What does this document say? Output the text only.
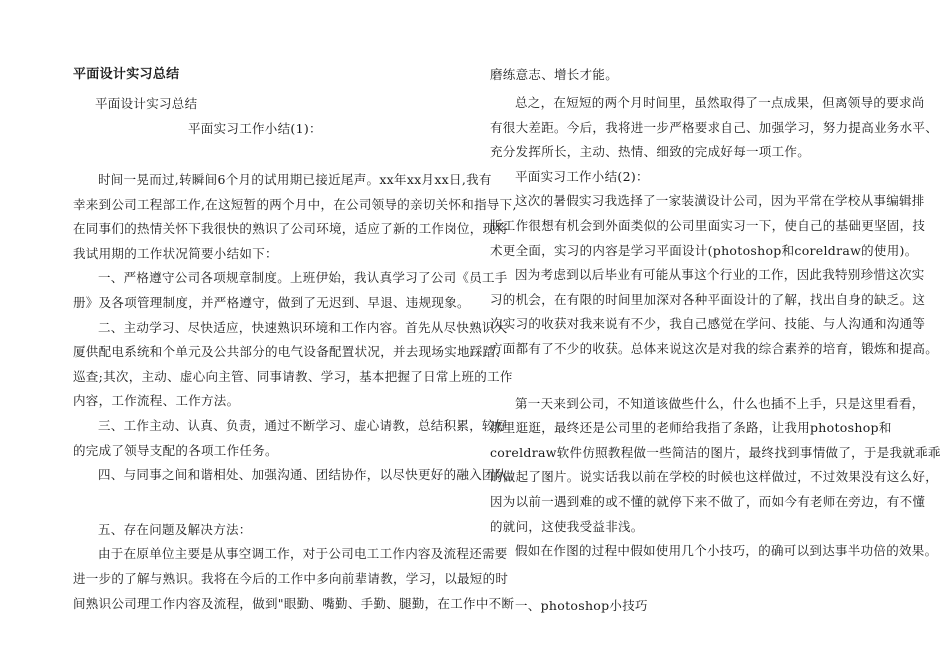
平面设计实习总结

平面设计实习总结

平面实习工作小结(1)：

时间一晃而过,转瞬间6个月的试用期已接近尾声。xx年xx月xx日,我有

幸来到公司工程部工作,在这短暂的两个月中，在公司领导的亲切关怀和指导下,

在同事们的热情关怀下我很快的熟识了公司环境，适应了新的工作岗位，现将

我试用期的工作状况简要小结如下：

一、严格遵守公司各项规章制度。上班伊始，我认真学习了公司《员工手

册》及各项管理制度，并严格遵守，做到了无迟到、早退、违规现象。

二、主动学习、尽快适应，快速熟识环境和工作内容。首先从尽快熟识大

厦供配电系统和个单元及公共部分的电气设备配置状况，并去现场实地踩踏、

巡查;其次，主动、虚心向主管、同事请教、学习，基本把握了日常上班的工作

内容，工作流程、工作方法。

三、工作主动、认真、负责，通过不断学习、虚心请教，总结积累，较好

的完成了领导支配的各项工作任务。

四、与同事之间和谐相处、加强沟通、团结协作，以尽快更好的融入团队。

五、存在问题及解决方法：

由于在原单位主要是从事空调工作，对于公司电工工作内容及流程还需要

进一步的了解与熟识。我将在今后的工作中多向前辈请教，学习，以最短的时

间熟识公司理工作内容及流程，做到"眼勤、嘴勤、手勤、腿勤，在工作中不断

磨练意志、增长才能。

总之，在短短的两个月时间里，虽然取得了一点成果，但离领导的要求尚

有很大差距。今后，我将进一步严格要求自己、加强学习，努力提高业务水平、

充分发挥所长，主动、热情、细致的完成好每一项工作。

平面实习工作小结(2)：

这次的暑假实习我选择了一家装潢设计公司，因为平常在学校从事编辑排

版工作很想有机会到外面类似的公司里面实习一下，使自己的基础更坚固，技

术更全面，实习的内容是学习平面设计(photoshop和coreldraw的使用)。

因为考虑到以后毕业有可能从事这个行业的工作，因此我特别珍惜这次实

习的机会，在有限的时间里加深对各种平面设计的了解，找出自身的缺乏。这

次实习的收获对我来说有不少，我自己感觉在学问、技能、与人沟通和沟通等

方面都有了不少的收获。总体来说这次是对我的综合素养的培育，锻炼和提高。

第一天来到公司，不知道该做些什么，什么也插不上手，只是这里看看，

那里逛逛，最终还是公司里的老师给我指了条路，让我用photoshop和

coreldraw软件仿照教程做一些简洁的图片，最终找到事情做了，于是我就乖乖

的做起了图片。说实话我以前在学校的时候也这样做过，不过效果没有这么好，

因为以前一遇到难的或不懂的就停下来不做了，而如今有老师在旁边，有不懂

的就问，这使我受益非浅。

假如在作图的过程中假如使用几个小技巧，的确可以到达事半功倍的效果。

一、photoshop小技巧
